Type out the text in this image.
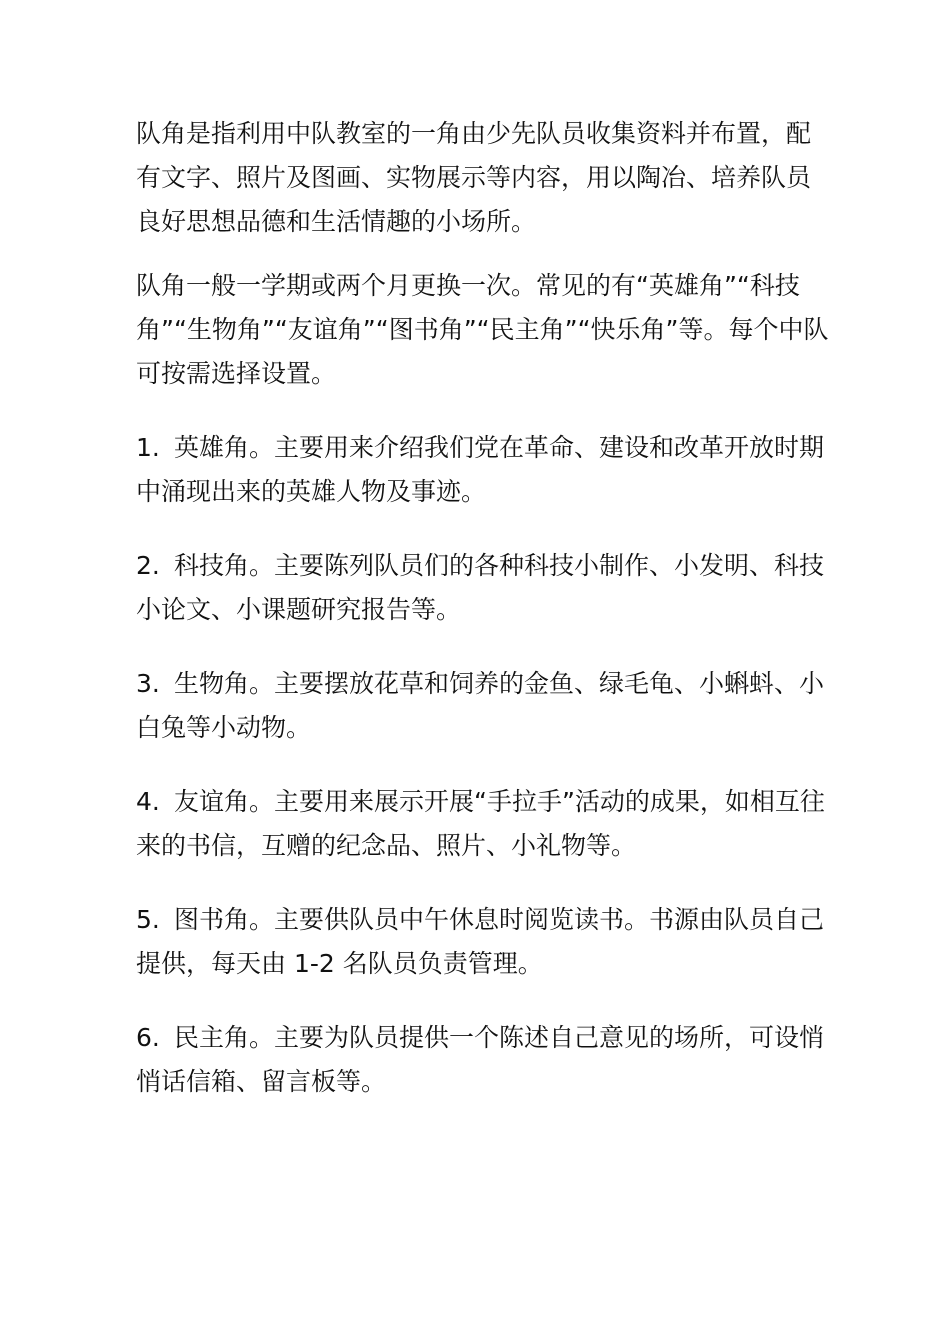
队角是指利用中队教室的一角由少先队员收集资料并布置，配有文字、照片及图画、实物展示等内容，用以陶冶、培养队员良好思想品德和生活情趣的小场所。

队角一般一学期或两个月更换一次。常见的有“英雄角”“科技角”“生物角”“友谊角”“图书角”“民主角”“快乐角”等。每个中队可按需选择设置。

1. 英雄角。主要用来介绍我们党在革命、建设和改革开放时期中涌现出来的英雄人物及事迹。

2. 科技角。主要陈列队员们的各种科技小制作、小发明、科技小论文、小课题研究报告等。

3. 生物角。主要摆放花草和饲养的金鱼、绿毛龟、小蝌蚪、小白兔等小动物。

4. 友谊角。主要用来展示开展“手拉手”活动的成果，如相互往来的书信，互赠的纪念品、照片、小礼物等。

5. 图书角。主要供队员中午休息时阅览读书。书源由队员自己提供，每天由 1-2 名队员负责管理。

6. 民主角。主要为队员提供一个陈述自己意见的场所，可设悄悄话信箱、留言板等。
